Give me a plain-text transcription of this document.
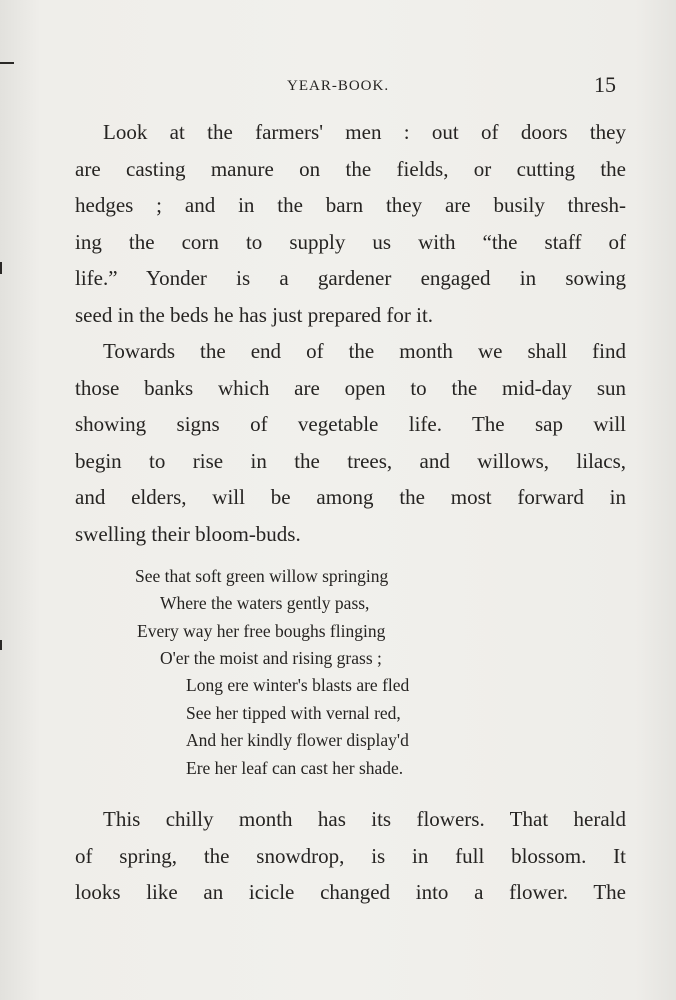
YEAR-BOOK.	15
Look at the farmers' men : out of doors they
are casting manure on the fields, or cutting the
hedges ; and in the barn they are busily thresh-
ing the corn to supply us with “the staff of
life.” Yonder is a gardener engaged in sowing
seed in the beds he has just prepared for it.
Towards the end of the month we shall find
those banks which are open to the mid-day sun
showing signs of vegetable life. The sap will
begin to rise in the trees, and willows, lilacs,
and elders, will be among the most forward in
swelling their bloom-buds.
See that soft green willow springing
Where the waters gently pass,
Every way her free boughs flinging
O'er the moist and rising grass ;
Long ere winter's blasts are fled
See her tipped with vernal red,
And her kindly flower display'd
Ere her leaf can cast her shade.
This chilly month has its flowers. That herald
of spring, the snowdrop, is in full blossom. It
looks like an icicle changed into a flower. The
